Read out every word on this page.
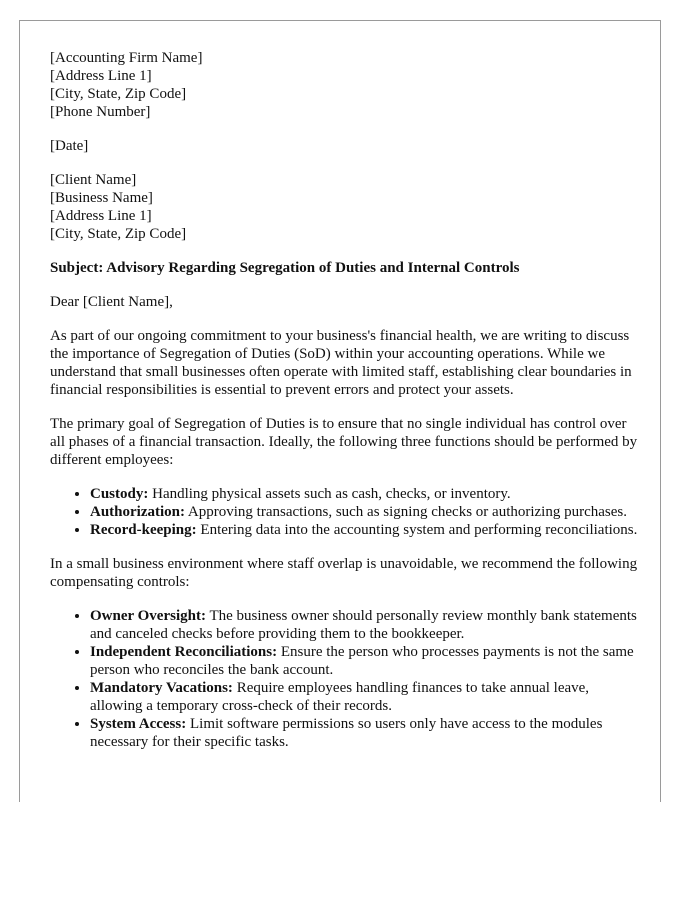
[Accounting Firm Name]
[Address Line 1]
[City, State, Zip Code]
[Phone Number]
[Date]
[Client Name]
[Business Name]
[Address Line 1]
[City, State, Zip Code]
Subject: Advisory Regarding Segregation of Duties and Internal Controls

Dear [Client Name],

As part of our ongoing commitment to your business's financial health, we are writing to discuss the importance of Segregation of Duties (SoD) within your accounting operations. While we understand that small businesses often operate with limited staff, establishing clear boundaries in financial responsibilities is essential to prevent errors and protect your assets.

The primary goal of Segregation of Duties is to ensure that no single individual has control over all phases of a financial transaction. Ideally, the following three functions should be performed by different employees:

• Custody: Handling physical assets such as cash, checks, or inventory.
• Authorization: Approving transactions, such as signing checks or authorizing purchases.
• Record-keeping: Entering data into the accounting system and performing reconciliations.

In a small business environment where staff overlap is unavoidable, we recommend the following compensating controls:

• Owner Oversight: The business owner should personally review monthly bank statements and canceled checks before providing them to the bookkeeper.
• Independent Reconciliations: Ensure the person who processes payments is not the same person who reconciles the bank account.
• Mandatory Vacations: Require employees handling finances to take annual leave, allowing a temporary cross-check of their records.
• System Access: Limit software permissions so users only have access to the modules necessary for their specific tasks.
